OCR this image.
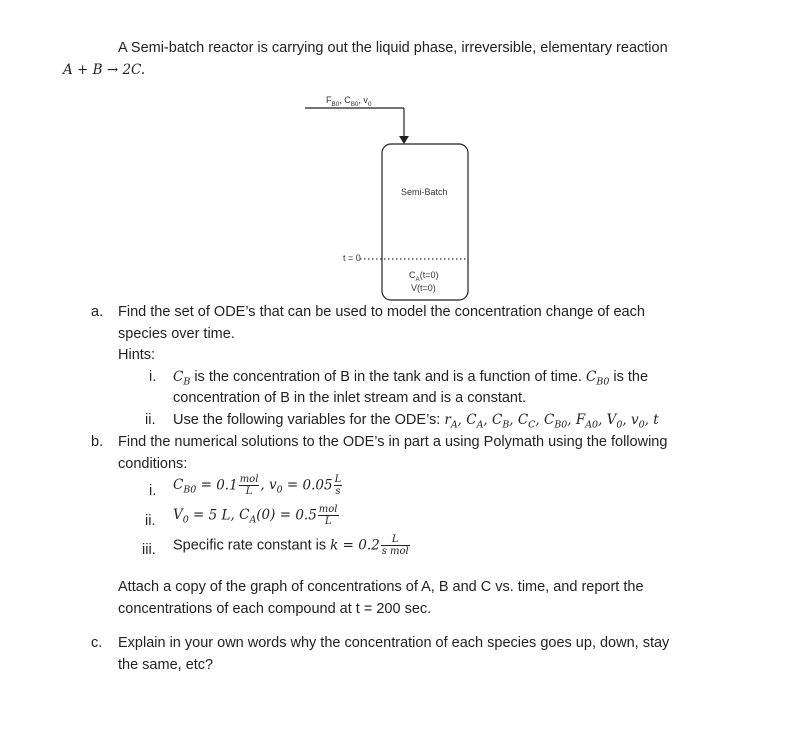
A Semi-batch reactor is carrying out the liquid phase, irreversible, elementary reaction
A + B → 2C.
$F_{B0}$, $C_{B0}$, $v_0$
Semi-Batch
t = 0
$C_A(t=0)$
V(t=0)
a. Find the set of ODE’s that can be used to model the concentration change of each
species over time.
Hints:
i. $C_B$ is the concentration of B in the tank and is a function of time. $C_{B0}$ is the
concentration of B in the inlet stream and is a constant.
ii. Use the following variables for the ODE’s: $r_A$, $C_A$, $C_B$, $C_C$, $C_{B0}$, $F_{A0}$, $V_0$, $v_0$, t
b. Find the numerical solutions to the ODE’s in part a using Polymath using the following
conditions:
i. $C_{B0} = 0.1 \frac{\text{mol}}{L}$ , $v_0 = 0.05 \frac{L}{s}$
ii. $V_0 = 5$ L, $C_A(0) = 0.5 \frac{\text{mol}}{L}$
iii. Specific rate constant is $k = 0.2 \frac{L}{\text{s mol}}$
Attach a copy of the graph of concentrations of A, B and C vs. time, and report the
concentrations of each compound at t = 200 sec.
c. Explain in your own words why the concentration of each species goes up, down, stay
the same, etc?
